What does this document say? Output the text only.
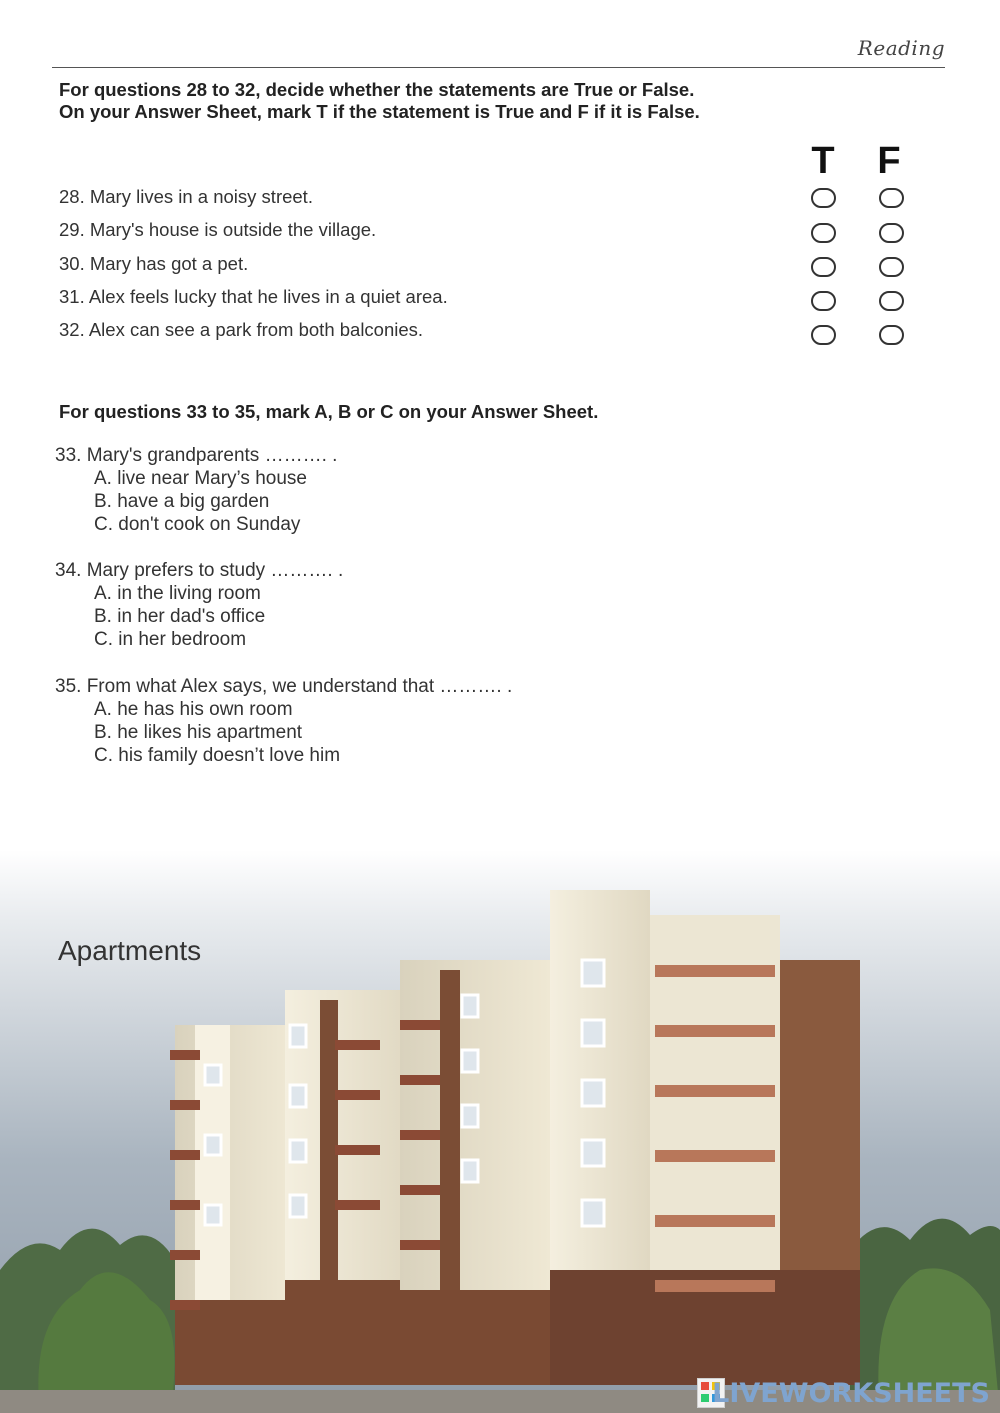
Reading
For questions 28 to 32, decide whether the statements are True or False.
On your Answer Sheet, mark T if the statement is True and F if it is False.
T F
28. Mary lives in a noisy street.
29. Mary's house is outside the village.
30. Mary has got a pet.
31. Alex feels lucky that he lives in a quiet area.
32. Alex can see a park from both balconies.
For questions 33 to 35, mark A, B or C on your Answer Sheet.
33. Mary's grandparents ………. .
A. live near Mary’s house
B. have a big garden
C. don't cook on Sunday
34. Mary prefers to study ………. .
A. in the living room
B. in her dad's office
C. in her bedroom
35. From what Alex says, we understand that ………. .
A. he has his own room
B. he likes his apartment
C. his family doesn’t love him
Apartments
LIVEWORKSHEETS
